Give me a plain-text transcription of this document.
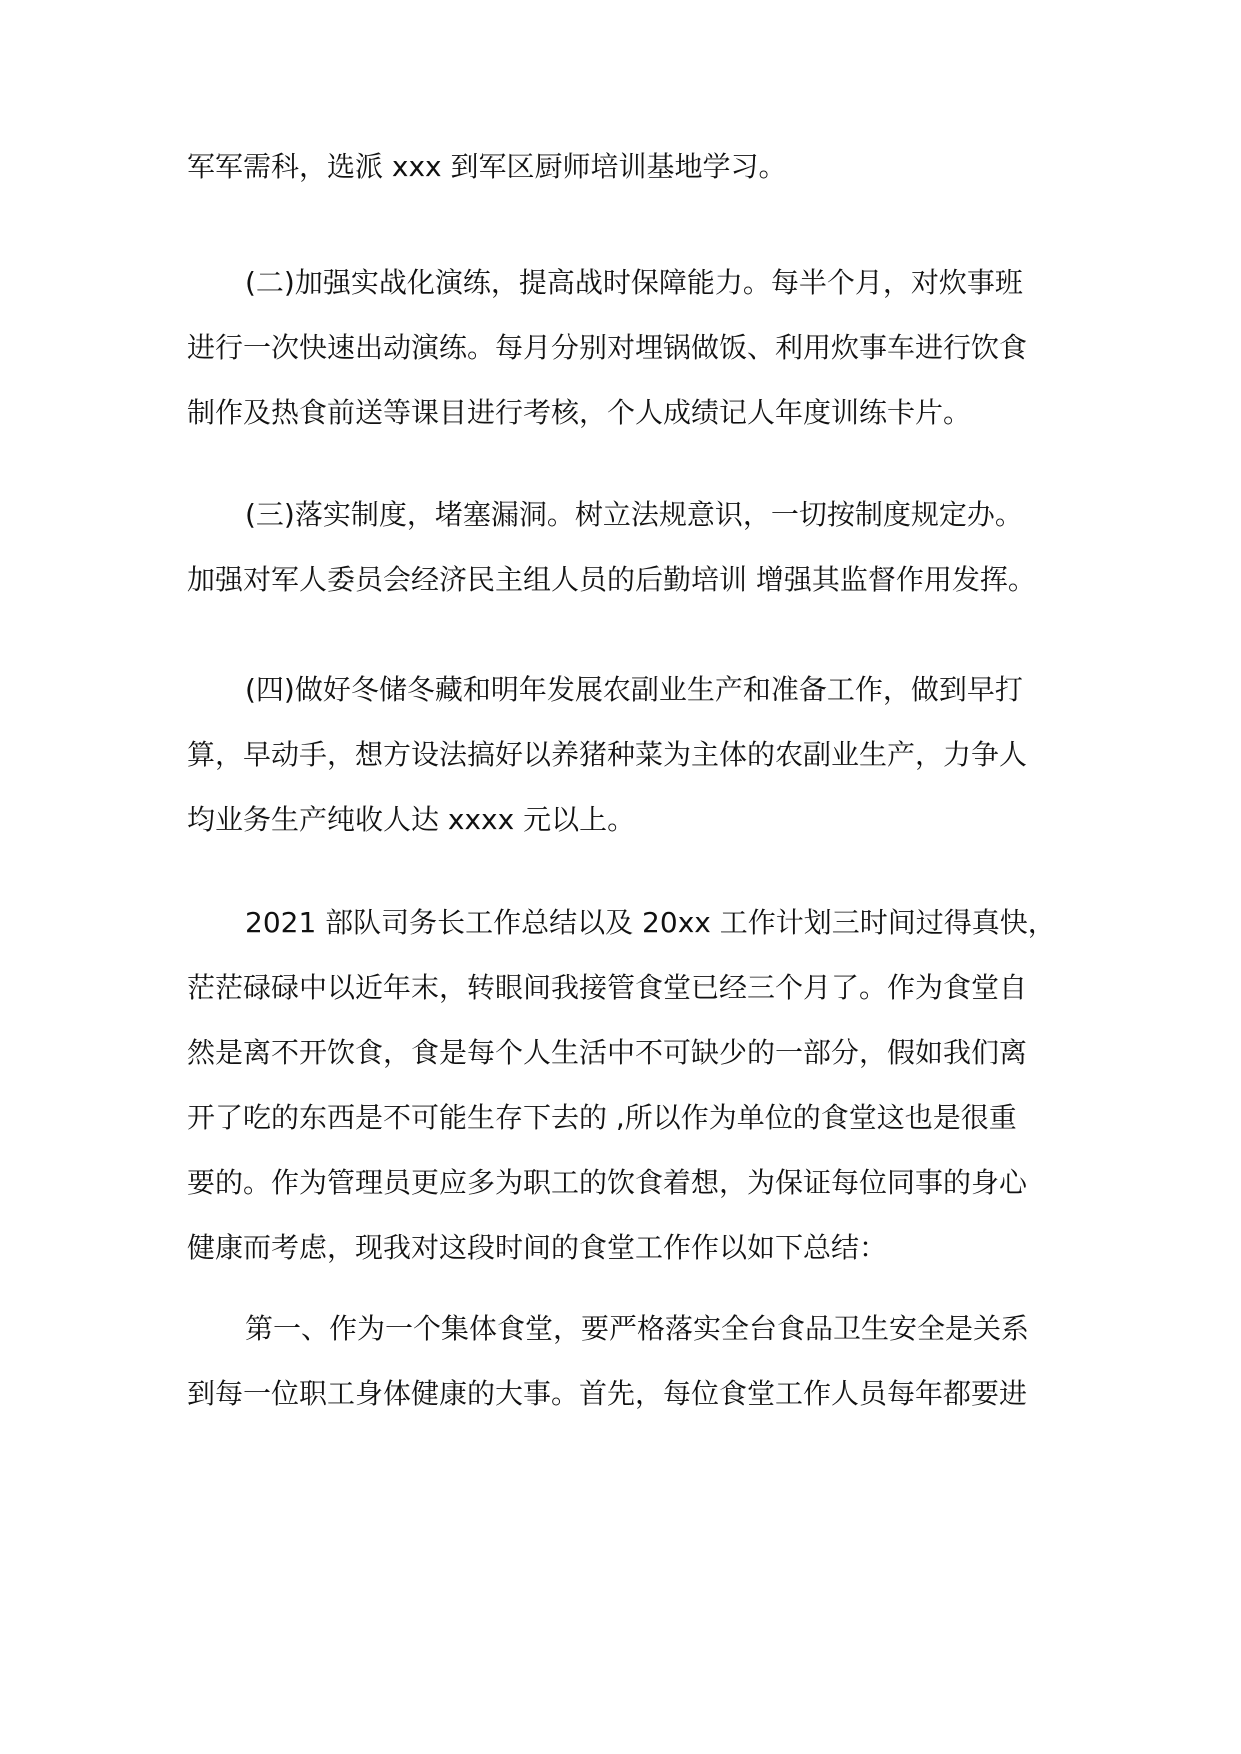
军军需科，选派 xxx 到军区厨师培训基地学习。
(二)加强实战化演练，提高战时保障能力。每半个月，对炊事班
进行一次快速出动演练。每月分别对埋锅做饭、利用炊事车进行饮食
制作及热食前送等课目进行考核，个人成绩记人年度训练卡片。
(三)落实制度，堵塞漏洞。树立法规意识，一切按制度规定办。
加强对军人委员会经济民主组人员的后勤培训 增强其监督作用发挥。
(四)做好冬储冬藏和明年发展农副业生产和准备工作，做到早打
算，早动手，想方设法搞好以养猪种菜为主体的农副业生产，力争人
均业务生产纯收人达 xxxx 元以上。
2021 部队司务长工作总结以及 20xx 工作计划三时间过得真快，
茫茫碌碌中以近年末，转眼间我接管食堂已经三个月了。作为食堂自
然是离不开饮食，食是每个人生活中不可缺少的一部分，假如我们离
开了吃的东西是不可能生存下去的 ,所以作为单位的食堂这也是很重
要的。作为管理员更应多为职工的饮食着想，为保证每位同事的身心
健康而考虑，现我对这段时间的食堂工作作以如下总结：
第一、作为一个集体食堂，要严格落实全台食品卫生安全是关系
到每一位职工身体健康的大事。首先，每位食堂工作人员每年都要进
